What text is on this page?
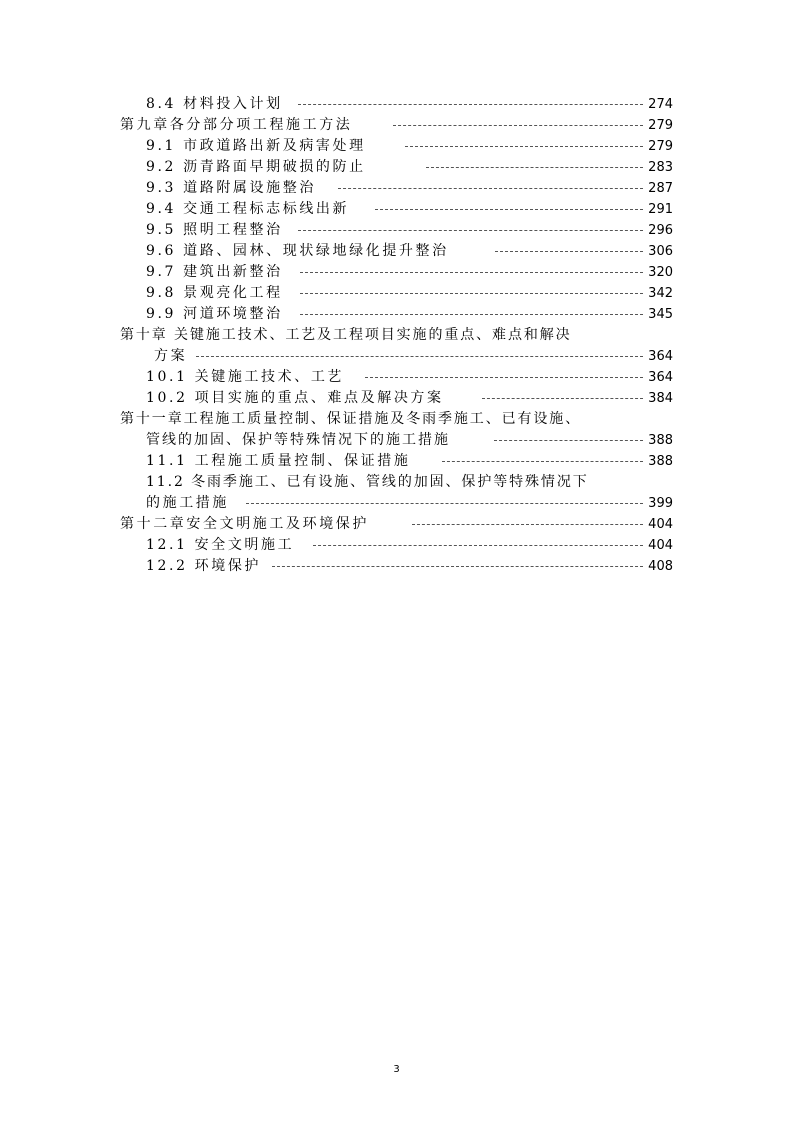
8.4 材料投入计划	274
第九章各分部分项工程施工方法	279
9.1 市政道路出新及病害处理	279
9.2 沥青路面早期破损的防止	283
9.3 道路附属设施整治	287
9.4 交通工程标志标线出新	291
9.5 照明工程整治	296
9.6 道路、园林、现状绿地绿化提升整治	306
9.7 建筑出新整治	320
9.8 景观亮化工程	342
9.9 河道环境整治	345
第十章 关键施工技术、工艺及工程项目实施的重点、难点和解决
方案	364
10.1 关键施工技术、工艺	364
10.2 项目实施的重点、难点及解决方案	384
第十一章工程施工质量控制、保证措施及冬雨季施工、已有设施、
管线的加固、保护等特殊情况下的施工措施	388
11.1 工程施工质量控制、保证措施	388
11.2 冬雨季施工、已有设施、管线的加固、保护等特殊情况下
的施工措施	399
第十二章安全文明施工及环境保护	404
12.1 安全文明施工	404
12.2 环境保护	408
3
